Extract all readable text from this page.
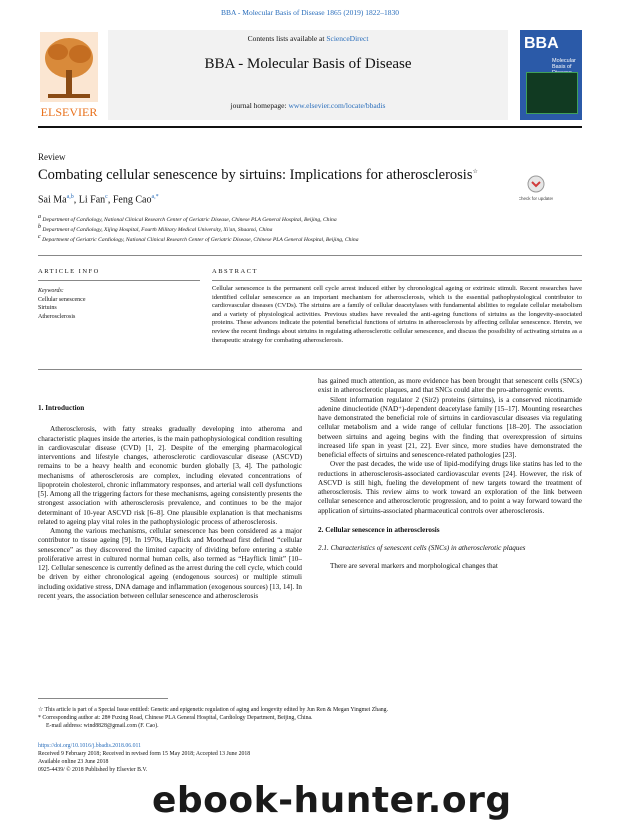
BBA - Molecular Basis of Disease 1865 (2019) 1822–1830
Contents lists available at ScienceDirect
BBA - Molecular Basis of Disease
journal homepage: www.elsevier.com/locate/bbadis
ELSEVIER
BBA
Molecular Basis of
Review
Combating cellular senescence by sirtuins: Implications for atherosclerosis☆
Check for updates
Sai Ma$^{a,b}$, Li Fan$^c$, Feng Cao$^{a,*}$
a Department of Cardiology, National Clinical Research Center of Geriatric Disease, Chinese PLA General Hospital, Beijing, China
b Department of Cardiology, Xijing Hospital, Fourth Military Medical University, Xi'an, Shaanxi, China
c Department of Geriatric Cardiology, National Clinical Research Center of Geriatric Disease, Chinese PLA General Hospital, Beijing, China
ARTICLE INFO	ABSTRACT
Keywords:
Cellular senescence
Sirtuins
Atherosclerosis
Cellular senescence is the permanent cell cycle arrest induced either by chronological ageing or extrinsic stimuli. Recent researches have identified cellular senescence as an important mechanism for atherosclerosis, which is the essential pathophysiological contributor to cardiovascular diseases (CVDs). The sirtuins are a family of cellular deacetylases with fundamental abilities to regulate cellular metabolism and a variety of physiological activities. Previous studies have revealed the anti-ageing functions of sirtuins as the longevity-associated proteins. These advances indicate the potential beneficial functions of sirtuins in atherosclerosis by affecting cellular senescence. Herein, we review the recent findings about sirtuins in regulating atherosclerotic cellular senescence, and discuss the possibility of activating sirtuins as a therapeutic strategy for combating atherosclerosis.

1. Introduction

Atherosclerosis, with fatty streaks gradually developing into atheroma and characteristic plaques inside the arteries, is the main pathophysiological condition resulting in cardiovascular disease (CVD) [1, 2]. Despite of the emerging pharmacological interventions and lifestyle changes, atherosclerotic cardiovascular disease (ASCVD) remains to be a heavy health and economic burden globally [3, 4]. The pathologic mechanisms of atherosclerosis are complex, including elevated concentrations of lipoprotein cholesterol, chronic inflammatory responses, and arterial wall cell dysfunctions [5]. Among all the triggering factors for these mechanisms, ageing consistently presents the strongest association with atherosclerosis prevalence, and continues to be the major determinant of 10-year ASCVD risk [6–8]. One plausible explanation is that mechanisms related to ageing play vital roles in the pathophysiologic process of atherosclerosis.

Among the various mechanisms, cellular senescence has been considered as a major contributor to tissue ageing [9]. In 1970s, Hayflick and Moorhead first defined “cellular senescence” as they discovered the limited capacity of dividing before entering a stable proliferative arrest in cultured normal human cells, also termed as “Hayflick limit” [10–12]. Cellular senescence is currently defined as the arrest during the cell cycle, which could be driven by either chronological ageing (endogenous sources) or multiple stimuli including oxidative stress, DNA damage and inflammation (exogenous sources) [13, 14]. In recent years, the association between cellular senescence and atherosclerosis

has gained much attention, as more evidence has been brought that senescent cells (SNCs) exist in atherosclerotic plaques, and that SNCs could alter the pro-atherogenic events.

Silent information regulator 2 (Sir2) proteins (sirtuins), is a conserved nicotinamide adenine dinucleotide (NAD⁺)-dependent deacetylase family [15–17]. Mounting researches have demonstrated the beneficial role of sirtuins in cardiovascular diseases via regulating cellular metabolism and a wide range of cellular functions [18–20]. The association between sirtuins and ageing begins with the finding that overexpression of sirtuins increased life span in yeast [21, 22]. Ever since, more studies have demonstrated the beneficial effects of sirtuins and senescence-related pathologies [23].

Over the past decades, the wide use of lipid-modifying drugs like statins has led to the reductions in atherosclerosis-associated cardiovascular events [24]. However, the risk of ASCVD is still high, fueling the development of new targets toward the treatment of atherosclerosis. This review aims to work toward an exploration of the link between cellular senescence and atherosclerotic progression, and to point a way forward toward the application of sirtuins-associated pharmaceutical controls over atherosclerosis.

2. Cellular senescence in atherosclerosis

2.1. Characteristics of senescent cells (SNCs) in atherosclerotic plaques

There are several markers and morphological changes that

☆ This article is part of a Special Issue entitled: Genetic and epigenetic regulation of aging and longevity edited by Jun Ren & Megan Yingmei Zhang.
* Corresponding author at: 28# Fuxing Road, Chinese PLA General Hospital, Cardiology Department, Beijing, China.
E-mail address: wind8828@gmail.com (F. Cao).
https://doi.org/10.1016/j.bbadis.2018.06.011
Received 9 February 2018; Received in revised form 15 May 2018; Accepted 13 June 2018
Available online 23 June 2018
0925-4439/ © 2018 Published by Elsevier B.V.
ebook-hunter.org
